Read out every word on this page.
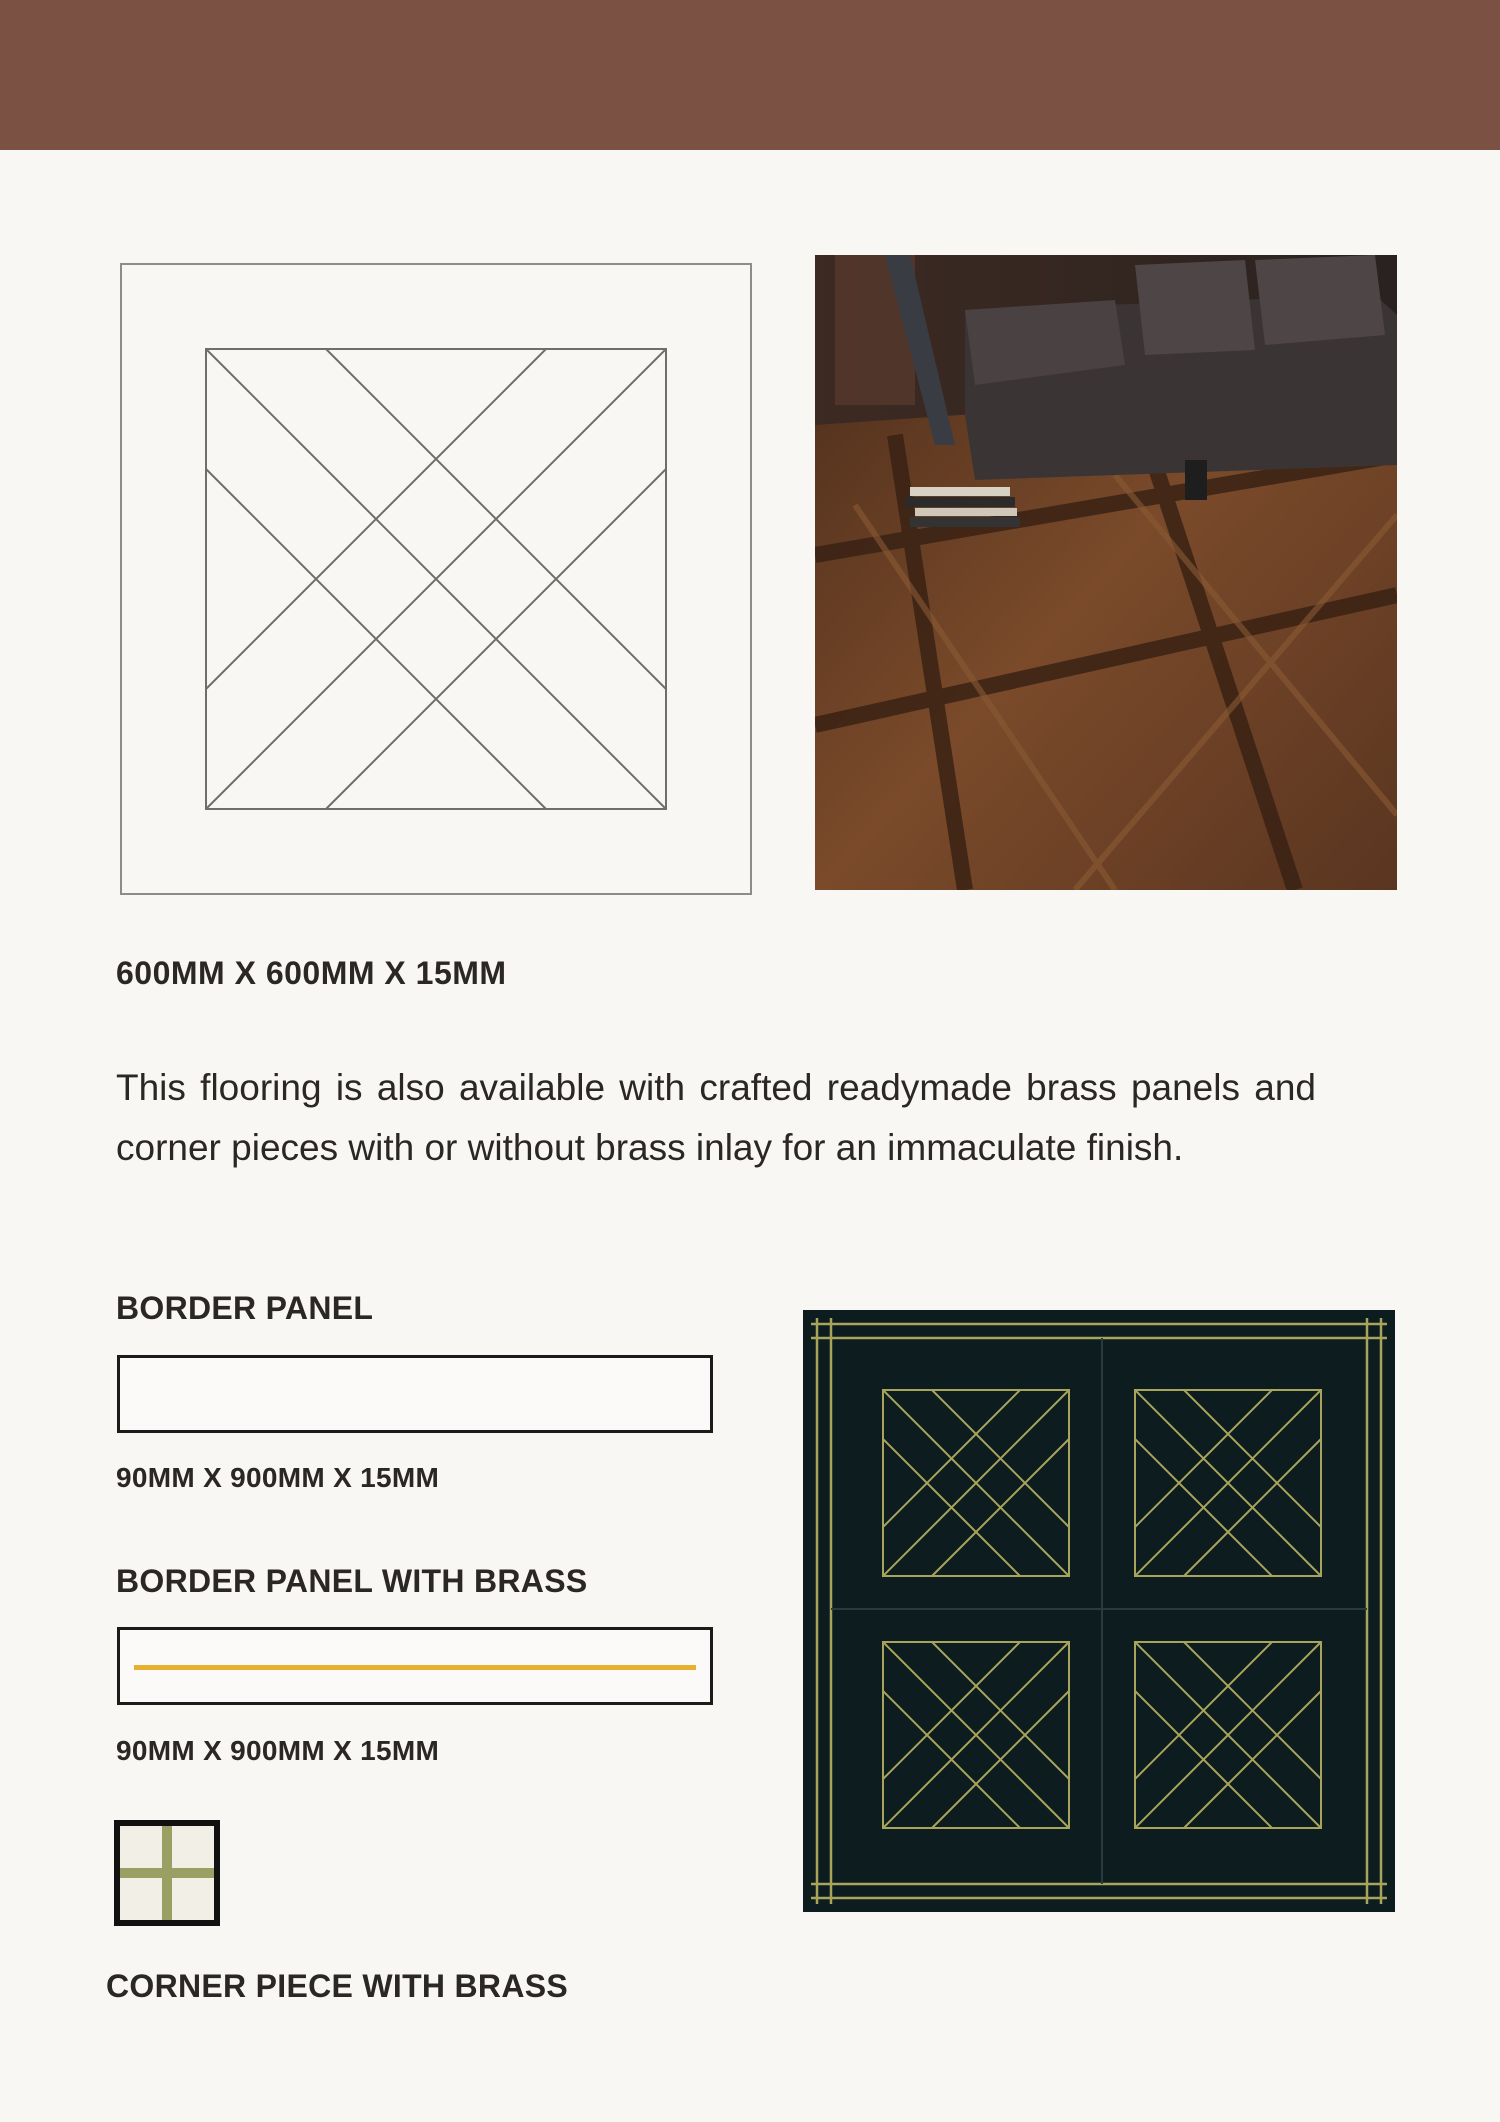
600MM X 600MM X 15MM
This flooring is also available with crafted readymade brass panels and corner pieces with or without brass inlay for an immaculate finish.
BORDER PANEL
90MM X 900MM X 15MM
BORDER PANEL WITH BRASS
90MM X 900MM X 15MM
CORNER PIECE WITH BRASS
